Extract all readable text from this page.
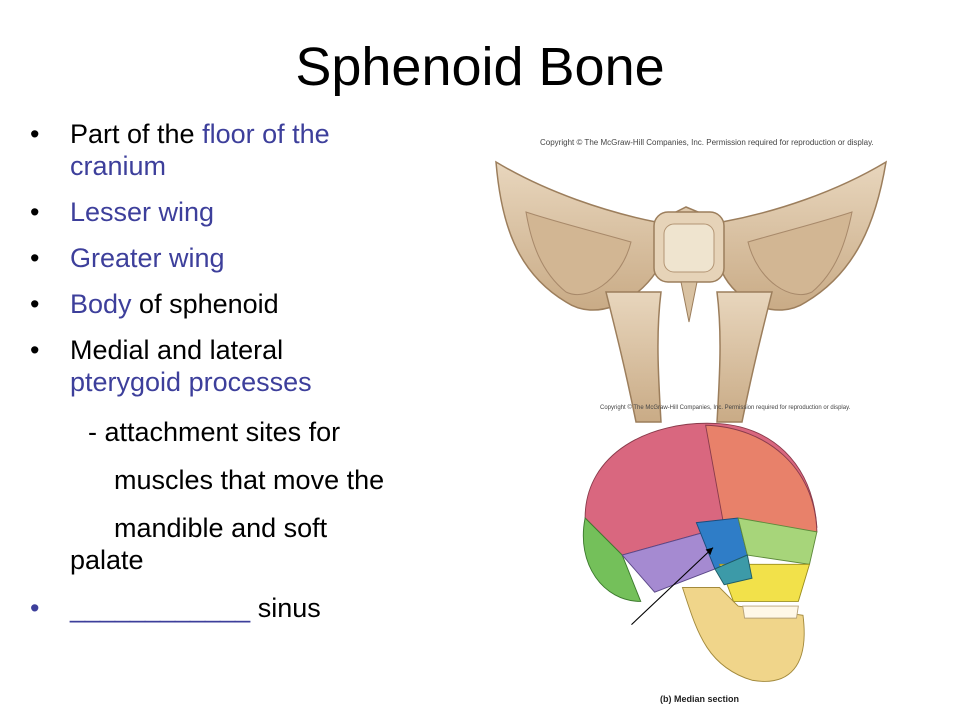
Sphenoid Bone
• Part of the floor of the
cranium
• Lesser wing
• Greater wing
• Body of sphenoid
• Medial and lateral
pterygoid processes
- attachment sites for
muscles that move the
mandible and soft
palate
• ____________ sinus
Copyright © The McGraw-Hill Companies, Inc. Permission required for reproduction or display.
Copyright © The McGraw-Hill Companies, Inc. Permission required for reproduction or display.
(b) Median section
